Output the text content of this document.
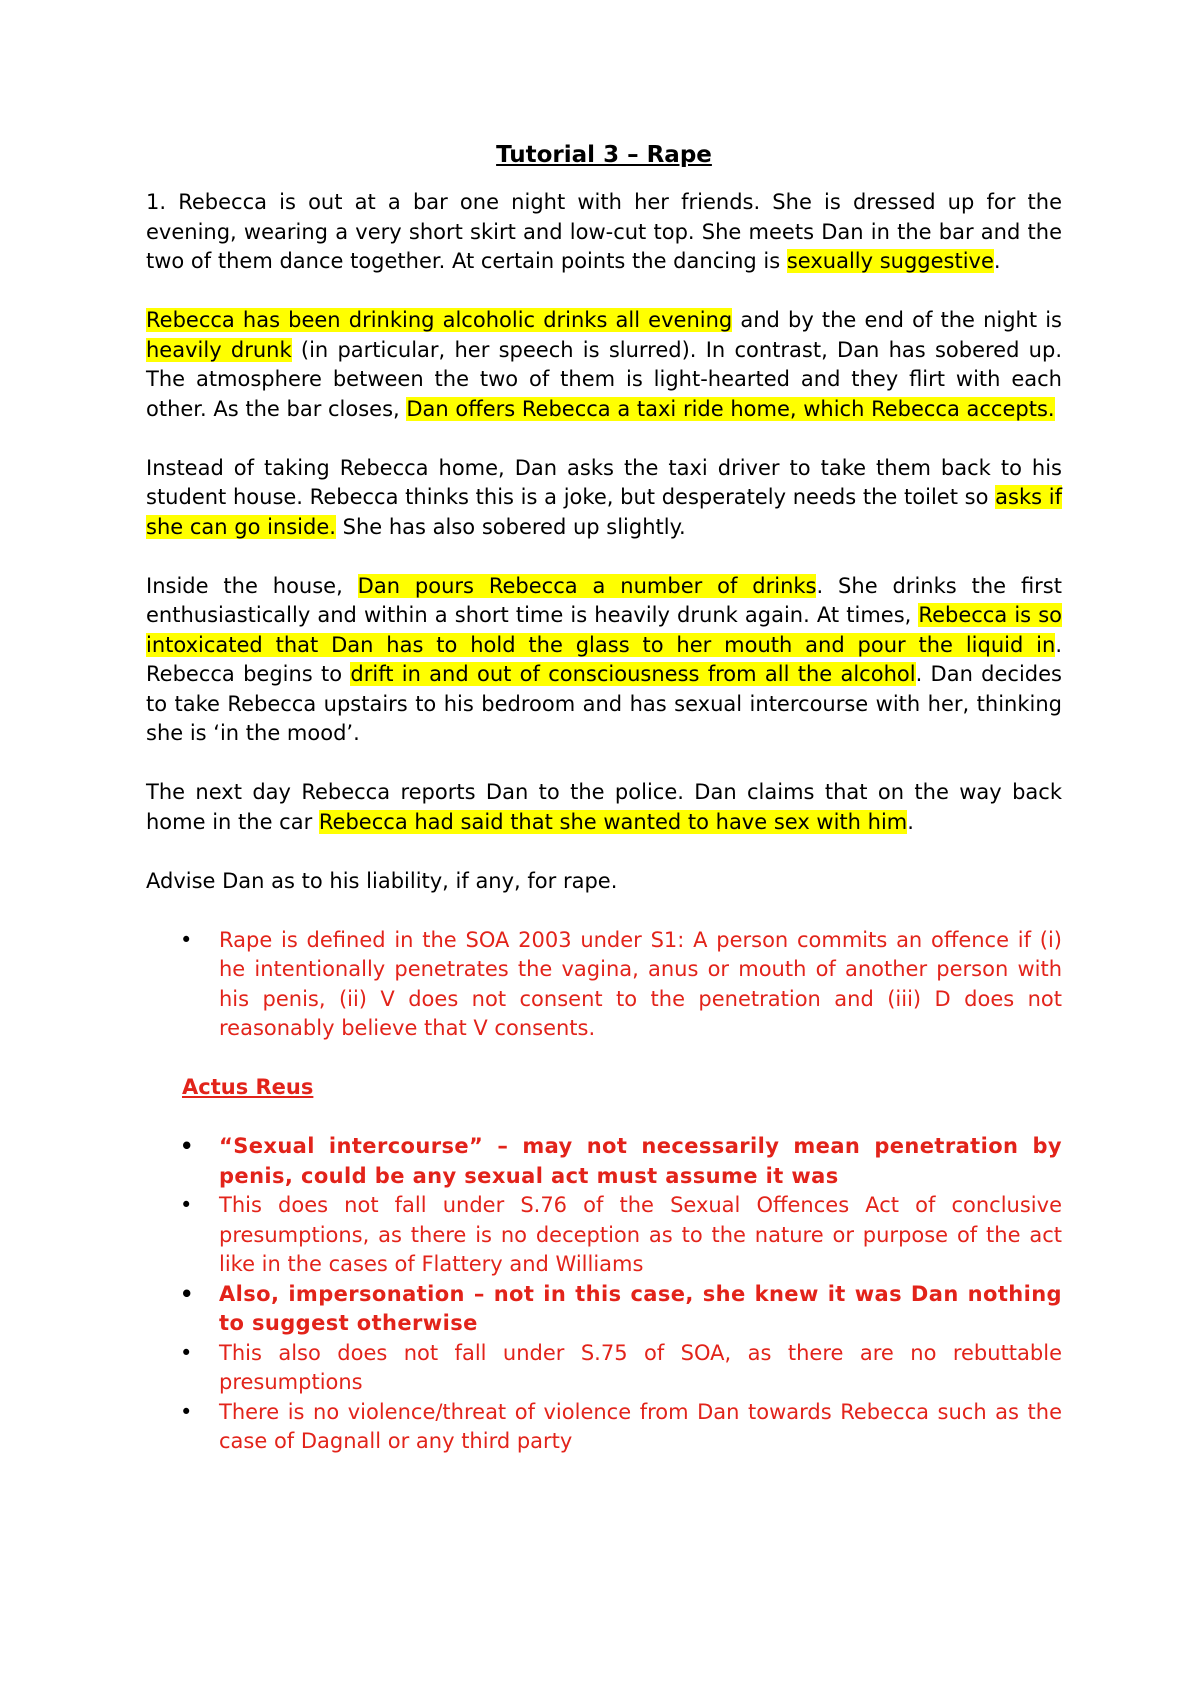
Tutorial 3 – Rape

1. Rebecca is out at a bar one night with her friends. She is dressed up for the evening, wearing a very short skirt and low-cut top. She meets Dan in the bar and the two of them dance together. At certain points the dancing is sexually suggestive.

Rebecca has been drinking alcoholic drinks all evening and by the end of the night is heavily drunk (in particular, her speech is slurred). In contrast, Dan has sobered up. The atmosphere between the two of them is light-hearted and they flirt with each other. As the bar closes, Dan offers Rebecca a taxi ride home, which Rebecca accepts.

Instead of taking Rebecca home, Dan asks the taxi driver to take them back to his student house. Rebecca thinks this is a joke, but desperately needs the toilet so asks if she can go inside. She has also sobered up slightly.

Inside the house, Dan pours Rebecca a number of drinks. She drinks the first enthusiastically and within a short time is heavily drunk again. At times, Rebecca is so intoxicated that Dan has to hold the glass to her mouth and pour the liquid in. Rebecca begins to drift in and out of consciousness from all the alcohol. Dan decides to take Rebecca upstairs to his bedroom and has sexual intercourse with her, thinking she is ‘in the mood’.

The next day Rebecca reports Dan to the police. Dan claims that on the way back home in the car Rebecca had said that she wanted to have sex with him.

Advise Dan as to his liability, if any, for rape.

• Rape is defined in the SOA 2003 under S1: A person commits an offence if (i) he intentionally penetrates the vagina, anus or mouth of another person with his penis, (ii) V does not consent to the penetration and (iii) D does not reasonably believe that V consents.
Actus Reus
• “Sexual intercourse” – may not necessarily mean penetration by penis, could be any sexual act must assume it was
• This does not fall under S.76 of the Sexual Offences Act of conclusive presumptions, as there is no deception as to the nature or purpose of the act like in the cases of Flattery and Williams
• Also, impersonation – not in this case, she knew it was Dan nothing to suggest otherwise
• This also does not fall under S.75 of SOA, as there are no rebuttable presumptions
• There is no violence/threat of violence from Dan towards Rebecca such as the case of Dagnall or any third party
